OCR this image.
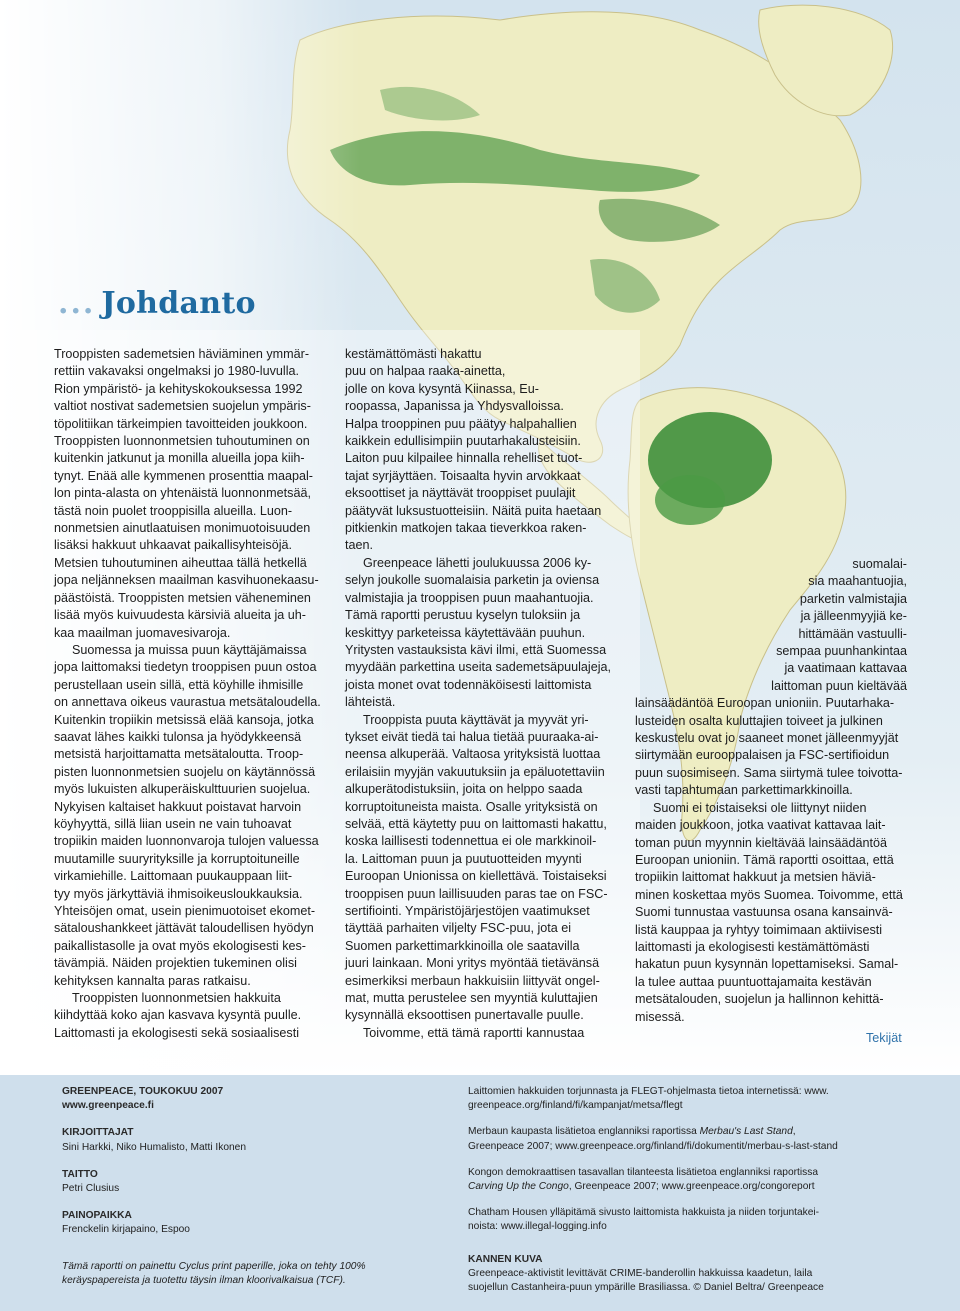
... Johdanto

Trooppisten sademetsien häviäminen ymmär-

rettiin vakavaksi ongelmaksi jo 1980-luvulla.

Rion ympäristö- ja kehityskokouksessa 1992

valtiot nostivat sademetsien suojelun ympäris-

töpolitiikan tärkeimpien tavoitteiden joukkoon.

Trooppisten luonnonmetsien tuhoutuminen on

kuitenkin jatkunut ja monilla alueilla jopa kiih-

tynyt. Enää alle kymmenen prosenttia maapal-

lon pinta-alasta on yhtenäistä luonnonmetsää,

tästä noin puolet trooppisilla alueilla. Luon-

nonmetsien ainutlaatuisen monimuotoisuuden

lisäksi hakkuut uhkaavat paikallisyhteisöjä.

Metsien tuhoutuminen aiheuttaa tällä hetkellä

jopa neljänneksen maailman kasvihuonekaasu-

päästöistä. Trooppisten metsien väheneminen

lisää myös kuivuudesta kärsiviä alueita ja uh-

kaa maailman juomavesivaroja.

Suomessa ja muissa puun käyttäjämaissa

jopa laittomaksi tiedetyn trooppisen puun ostoa

perustellaan usein sillä, että köyhille ihmisille

on annettava oikeus vaurastua metsätaloudella.

Kuitenkin tropiikin metsissä elää kansoja, jotka

saavat lähes kaikki tulonsa ja hyödykkeensä

metsistä harjoittamatta metsätaloutta. Troop-

pisten luonnonmetsien suojelu on käytännössä

myös lukuisten alkuperäiskulttuurien suojelua.

Nykyisen kaltaiset hakkuut poistavat harvoin

köyhyyttä, sillä liian usein ne vain tuhoavat

tropiikin maiden luonnonvaroja tulojen valuessa

muutamille suuryrityksille ja korruptoituneille

virkamiehille. Laittomaan puukauppaan liit-

tyy myös järkyttäviä ihmisoikeusloukkauksia.

Yhteisöjen omat, usein pienimuotoiset ekomet-

sätaloushankkeet jättävät taloudellisen hyödyn

paikallistasolle ja ovat myös ekologisesti kes-

tävämpiä. Näiden projektien tukeminen olisi

kehityksen kannalta paras ratkaisu.

Trooppisten luonnonmetsien hakkuita

kiihdyttää koko ajan kasvava kysyntä puulle.

Laittomasti ja ekologisesti sekä sosiaalisesti

kestämättömästi hakattu

puu on halpaa raaka-ainetta,

jolle on kova kysyntä Kiinassa, Eu-

roopassa, Japanissa ja Yhdysvalloissa.

Halpa trooppinen puu päätyy halpahallien

kaikkein edullisimpiin puutarhakalusteisiin.

Laiton puu kilpailee hinnalla rehelliset tuot-

tajat syrjäyttäen. Toisaalta hyvin arvokkaat

eksoottiset ja näyttävät trooppiset puulajit

päätyvät luksustuotteisiin. Näitä puita haetaan

pitkienkin matkojen takaa tieverkkoa raken-

taen.

Greenpeace lähetti joulukuussa 2006 ky-

selyn joukolle suomalaisia parketin ja oviensa

valmistajia ja trooppisen puun maahantuojia.

Tämä raportti perustuu kyselyn tuloksiin ja

keskittyy parketeissa käytettävään puuhun.

Yritysten vastauksista kävi ilmi, että Suomessa

myydään parkettina useita sademetsäpuulajeja,

joista monet ovat todennäköisesti laittomista

lähteistä.

Trooppista puuta käyttävät ja myyvät yri-

tykset eivät tiedä tai halua tietää puuraaka-ai-

neensa alkuperää. Valtaosa yrityksistä luottaa

erilaisiin myyjän vakuutuksiin ja epäluotettaviin

alkuperätodistuksiin, joita on helppo saada

korruptoituneista maista. Osalle yrityksistä on

selvää, että käytetty puu on laittomasti hakattu,

koska laillisesti todennettua ei ole markkinoil-

la. Laittoman puun ja puutuotteiden myynti

Euroopan Unionissa on kiellettävä. Toistaiseksi

trooppisen puun laillisuuden paras tae on FSC-

sertifiointi. Ympäristöjärjestöjen vaatimukset

täyttää parhaiten viljelty FSC-puu, jota ei

Suomen parkettimarkkinoilla ole saatavilla

juuri lainkaan. Moni yritys myöntää tietävänsä

esimerkiksi merbaun hakkuisiin liittyvät ongel-

mat, mutta perustelee sen myyntiä kuluttajien

kysynnällä eksoottisen punertavalle puulle.

Toivomme, että tämä raportti kannustaa

suomalai-

sia maahantuojia,

parketin valmistajia

ja jälleenmyyjiä ke-

hittämään vastuulli-

sempaa puunhankintaa

ja vaatimaan kattavaa

laittoman puun kieltävää

lainsäädäntöä Euroopan unioniin. Puutarhaka-

lusteiden osalta kuluttajien toiveet ja julkinen

keskustelu ovat jo saaneet monet jälleenmyyjät

siirtymään eurooppalaisen ja FSC-sertifioidun

puun suosimiseen. Sama siirtymä tulee toivotta-

vasti tapahtumaan parkettimarkkinoilla.

Suomi ei toistaiseksi ole liittynyt niiden

maiden joukkoon, jotka vaativat kattavaa lait-

toman puun myynnin kieltävää lainsäädäntöä

Euroopan unioniin. Tämä raportti osoittaa, että

tropiikin laittomat hakkuut ja metsien häviä-

minen koskettaa myös Suomea. Toivomme, että

Suomi tunnustaa vastuunsa osana kansainvä-

listä kauppaa ja ryhtyy toimimaan aktiivisesti

laittomasti ja ekologisesti kestämättömästi

hakatun puun kysynnän lopettamiseksi. Samal-

la tulee auttaa puuntuottajamaita kestävän

metsätalouden, suojelun ja hallinnon kehittä-

misessä.

Tekijät
GREENPEACE, TOUKOKUU 2007
www.greenpeace.fi
KIRJOITTAJAT
Sini Harkki, Niko Humalisto, Matti Ikonen
TAITTO
Petri Clusius
PAINOPAIKKA
Frenckelin kirjapaino, Espoo
Tämä raportti on painettu Cyclus print paperille, joka on tehty 100%
keräyspapereista ja tuotettu täysin ilman kloorivalkaisua (TCF).
Laittomien hakkuiden torjunnasta ja FLEGT-ohjelmasta tietoa internetissä: www.
greenpeace.org/finland/fi/kampanjat/metsa/flegt
Merbaun kaupasta lisätietoa englanniksi raportissa Merbau's Last Stand,
Greenpeace 2007; www.greenpeace.org/finland/fi/dokumentit/merbau-s-last-stand
Kongon demokraattisen tasavallan tilanteesta lisätietoa englanniksi raportissa
Carving Up the Congo, Greenpeace 2007; www.greenpeace.org/congoreport
Chatham Housen ylläpitämä sivusto laittomista hakkuista ja niiden torjuntakei-
noista: www.illegal-logging.info
KANNEN KUVA
Greenpeace-aktivistit levittävät CRIME-banderollin hakkuissa kaadetun, laila
suojellun Castanheira-puun ympärille Brasiliassa. © Daniel Beltra/ Greenpeace
